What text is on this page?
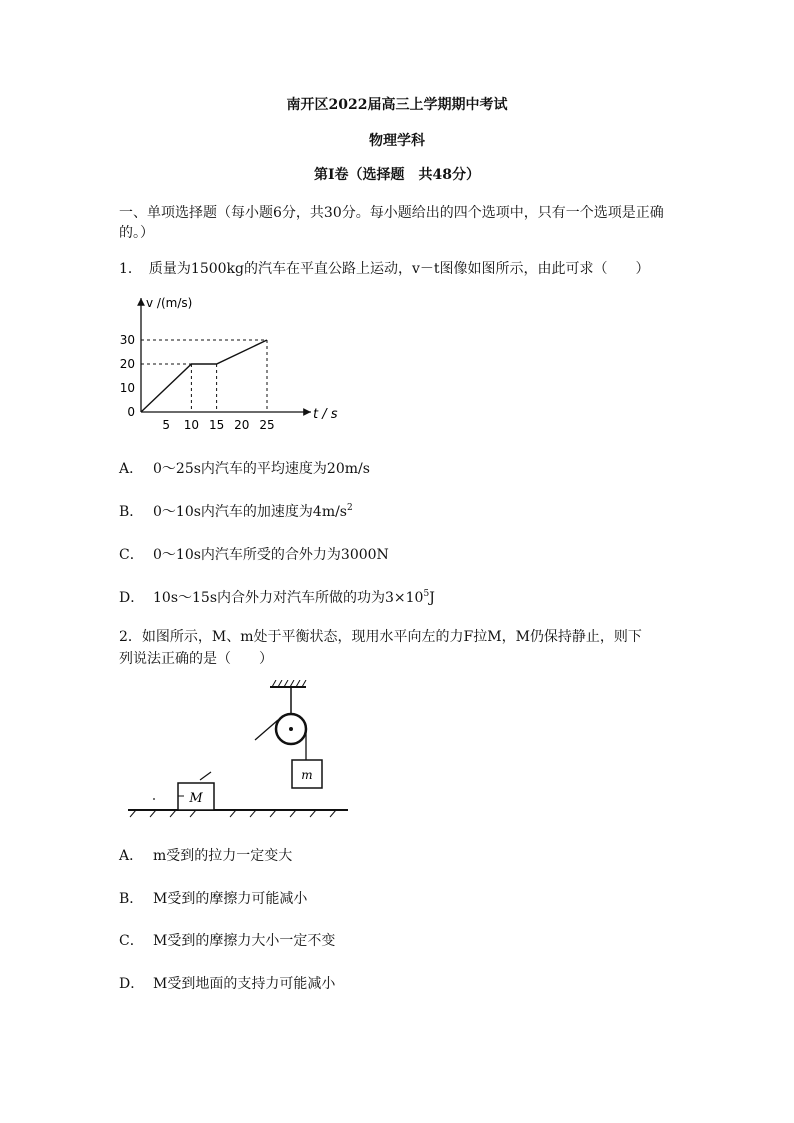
南开区2022届高三上学期期中考试
物理学科
第Ⅰ卷（选择题　共48分）
一、单项选择题（每小题6分，共30分。每小题给出的四个选项中，只有一个选项是正确
的。）
1．　质量为1500kg的汽车在平直公路上运动，v－t图像如图所示，由此可求（　　）
v /(m/s)
t / s
0
10
20
30
5 10 15 20 25
A． 0～25s内汽车的平均速度为20m/s
B． 0～10s内汽车的加速度为$4m/s^2$
C． 0～10s内汽车所受的合外力为3000N
D． 10s～15s内合外力对汽车所做的功为$3\times 10^5J$
2．如图所示，M、m处于平衡状态，现用水平向左的力F拉M，M仍保持静止，则下
列说法正确的是（　　）
m
M
A． m受到的拉力一定变大
B． M受到的摩擦力可能减小
C． M受到的摩擦力大小一定不变
D． M受到地面的支持力可能减小
